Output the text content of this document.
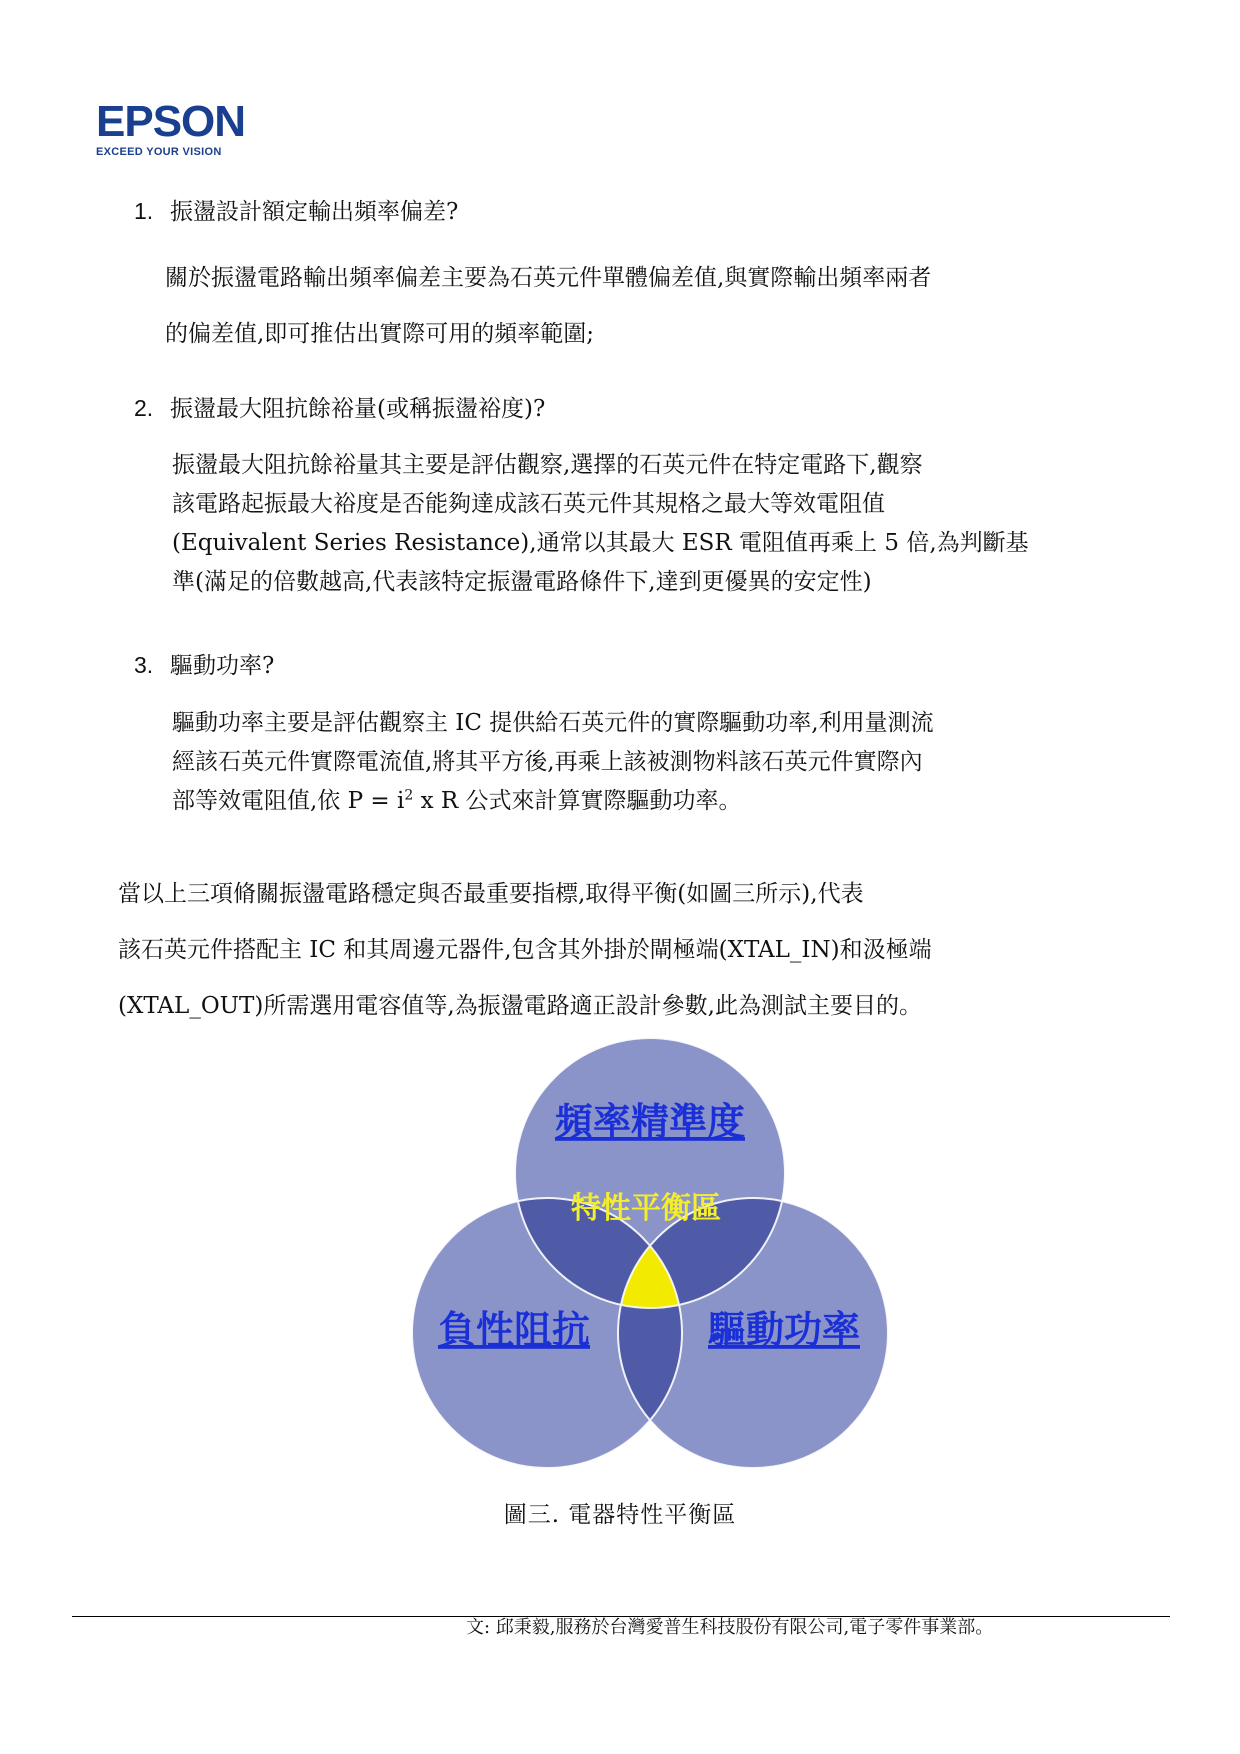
EPSON
EXCEED YOUR VISION
1. 振盪設計額定輸出頻率偏差?
關於振盪電路輸出頻率偏差主要為石英元件單體偏差值,與實際輸出頻率兩者
的偏差值,即可推估出實際可用的頻率範圍;
2. 振盪最大阻抗餘裕量(或稱振盪裕度)?
振盪最大阻抗餘裕量其主要是評估觀察,選擇的石英元件在特定電路下,觀察
該電路起振最大裕度是否能夠達成該石英元件其規格之最大等效電阻值
(Equivalent Series Resistance),通常以其最大 ESR 電阻值再乘上 5 倍,為判斷基
準(滿足的倍數越高,代表該特定振盪電路條件下,達到更優異的安定性)
3. 驅動功率?
驅動功率主要是評估觀察主 IC 提供給石英元件的實際驅動功率,利用量測流
經該石英元件實際電流值,將其平方後,再乘上該被測物料該石英元件實際內
部等效電阻值,依 $P = i^2$ x R 公式來計算實際驅動功率。
當以上三項脩關振盪電路穩定與否最重要指標,取得平衡(如圖三所示),代表
該石英元件搭配主 IC 和其周邊元器件,包含其外掛於閘極端(XTAL_IN)和汲極端
(XTAL_OUT)所需選用電容值等,為振盪電路適正設計參數,此為測試主要目的。
頻率精準度
負性阻抗	驅動功率
特性平衡區
圖三. 電器特性平衡區
文: 邱秉毅,服務於台灣愛普生科技股份有限公司,電子零件事業部。
